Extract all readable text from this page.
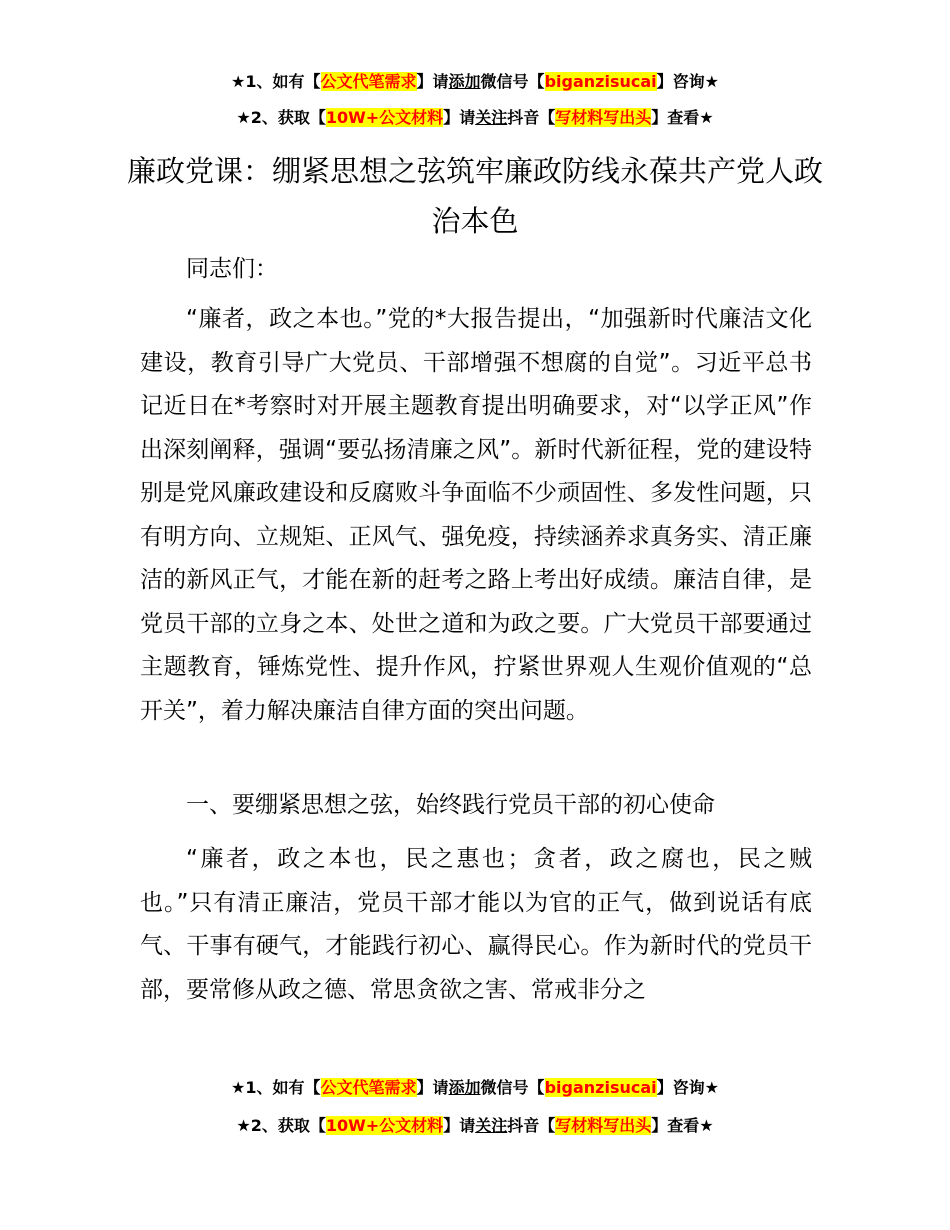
★1、如有【公文代笔需求】请添加微信号【biganzisucai】咨询★
★2、获取【10W+公文材料】请关注抖音【写材料写出头】查看★
廉政党课：绷紧思想之弦筑牢廉政防线永葆共产党人政治本色

同志们：

“廉者，政之本也。”党的*大报告提出，“加强新时代廉洁文化建设，教育引导广大党员、干部增强不想腐的自觉”。习近平总书记近日在*考察时对开展主题教育提出明确要求，对“以学正风”作出深刻阐释，强调“要弘扬清廉之风”。新时代新征程，党的建设特别是党风廉政建设和反腐败斗争面临不少顽固性、多发性问题，只有明方向、立规矩、正风气、强免疫，持续涵养求真务实、清正廉洁的新风正气，才能在新的赶考之路上考出好成绩。廉洁自律，是党员干部的立身之本、处世之道和为政之要。广大党员干部要通过主题教育，锤炼党性、提升作风，拧紧世界观人生观价值观的“总开关”，着力解决廉洁自律方面的突出问题。

一、要绷紧思想之弦，始终践行党员干部的初心使命

“廉者，政之本也，民之惠也；贪者，政之腐也，民之贼也。”只有清正廉洁，党员干部才能以为官的正气，做到说话有底气、干事有硬气，才能践行初心、赢得民心。作为新时代的党员干部，要常修从政之德、常思贪欲之害、常戒非分之

★1、如有【公文代笔需求】请添加微信号【biganzisucai】咨询★
★2、获取【10W+公文材料】请关注抖音【写材料写出头】查看★
